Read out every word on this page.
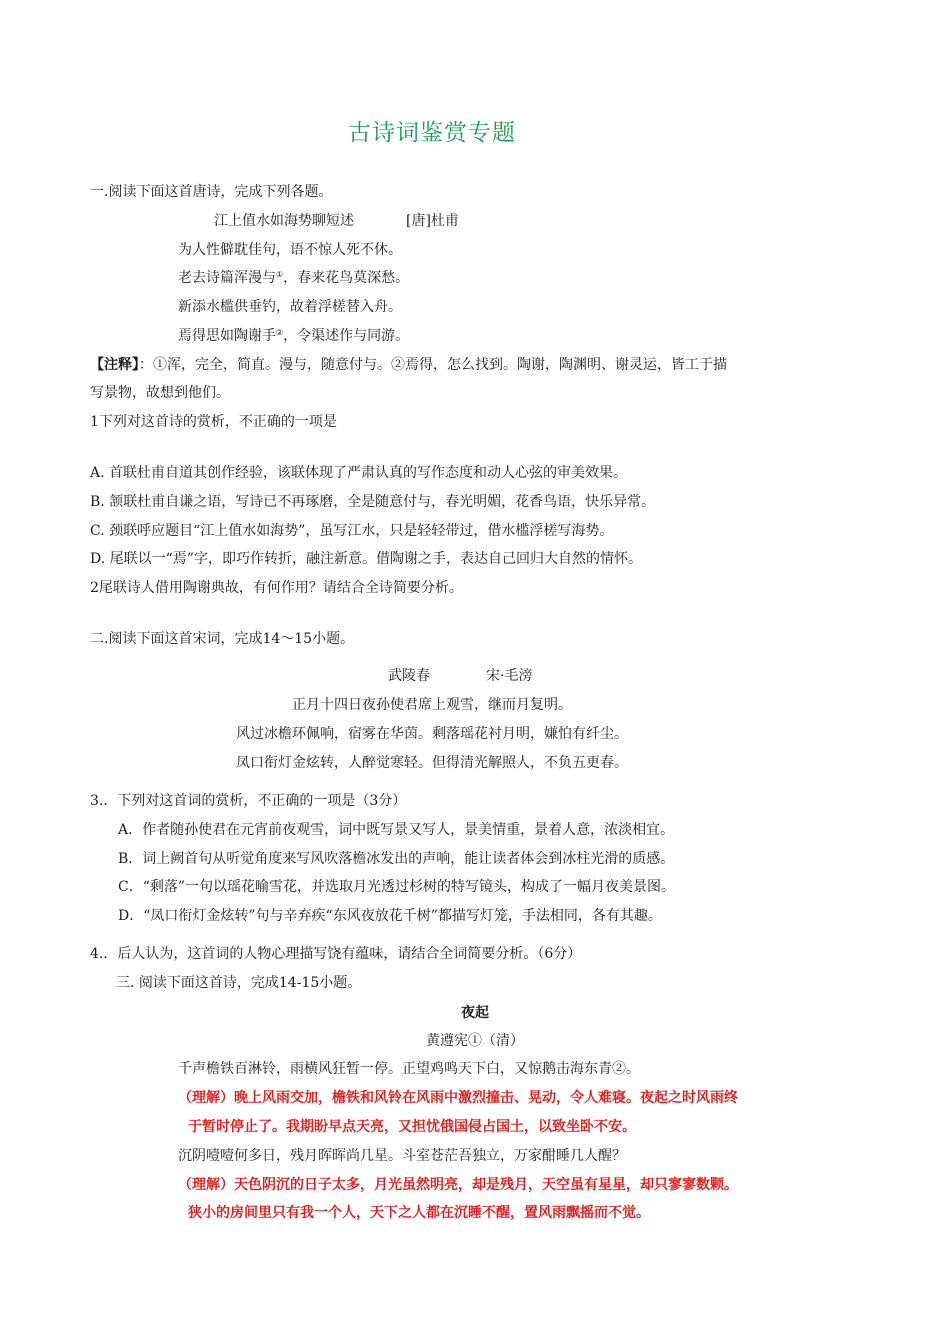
古诗词鉴赏专题
一.阅读下面这首唐诗，完成下列各题。
江上值水如海势聊短述	[唐]杜甫
为人性僻耽佳句，语不惊人死不休。
老去诗篇浑漫与①，春来花鸟莫深愁。
新添水槛供垂钓，故着浮槎替入舟。
焉得思如陶谢手②，令渠述作与同游。
【注释】：①浑，完全，简直。漫与，随意付与。②焉得，怎么找到。陶谢，陶渊明、谢灵运，皆工于描
写景物，故想到他们。
1下列对这首诗的赏析，不正确的一项是
A. 首联杜甫自道其创作经验，该联体现了严肃认真的写作态度和动人心弦的审美效果。
B. 颔联杜甫自谦之语，写诗已不再琢磨，全是随意付与，春光明媚，花香鸟语，快乐异常。
C. 颈联呼应题目“江上值水如海势”，虽写江水，只是轻轻带过，借水槛浮槎写海势。
D. 尾联以一“焉”字，即巧作转折，融注新意。借陶谢之手，表达自己回归大自然的情怀。
2尾联诗人借用陶谢典故，有何作用？请结合全诗简要分析。
二.阅读下面这首宋词，完成14～15小题。
武陵春	宋·毛滂
正月十四日夜孙使君席上观雪，继而月复明。
风过冰檐环佩响，宿雾在华茵。剩落瑶花衬月明，嫌怕有纤尘。
凤口衔灯金炫转，人醉觉寒轻。但得清光解照人，不负五更春。
3.．下列对这首词的赏析，不正确的一项是（3分）
A．作者随孙使君在元宵前夜观雪，词中既写景又写人，景美情重，景着人意，浓淡相宜。
B．词上阙首句从听觉角度来写风吹落檐冰发出的声响，能让读者体会到冰柱光滑的质感。
C．“剩落”一句以瑶花喻雪花，并选取月光透过杉树的特写镜头，构成了一幅月夜美景图。
D．“凤口衔灯金炫转”句与辛弃疾“东风夜放花千树”都描写灯笼，手法相同，各有其趣。
4.．后人认为，这首词的人物心理描写饶有蕴味，请结合全词简要分析。（6分）
三. 阅读下面这首诗，完成14-15小题。
夜起
黄遵宪①（清）
千声檐铁百淋铃，雨横风狂暂一停。正望鸡鸣天下白，又惊鹅击海东青②。
（理解）晚上风雨交加，檐铁和风铃在风雨中激烈撞击、晃动，令人难寝。夜起之时风雨终
于暂时停止了。我期盼早点天亮，又担忧俄国侵占国土，以致坐卧不安。
沉阴噎噎何多日，残月晖晖尚几星。斗室苍茫吾独立，万家酣睡几人醒？
（理解）天色阴沉的日子太多，月光虽然明亮，却是残月，天空虽有星星，却只寥寥数颗。
狭小的房间里只有我一个人，天下之人都在沉睡不醒，置风雨飘摇而不觉。
